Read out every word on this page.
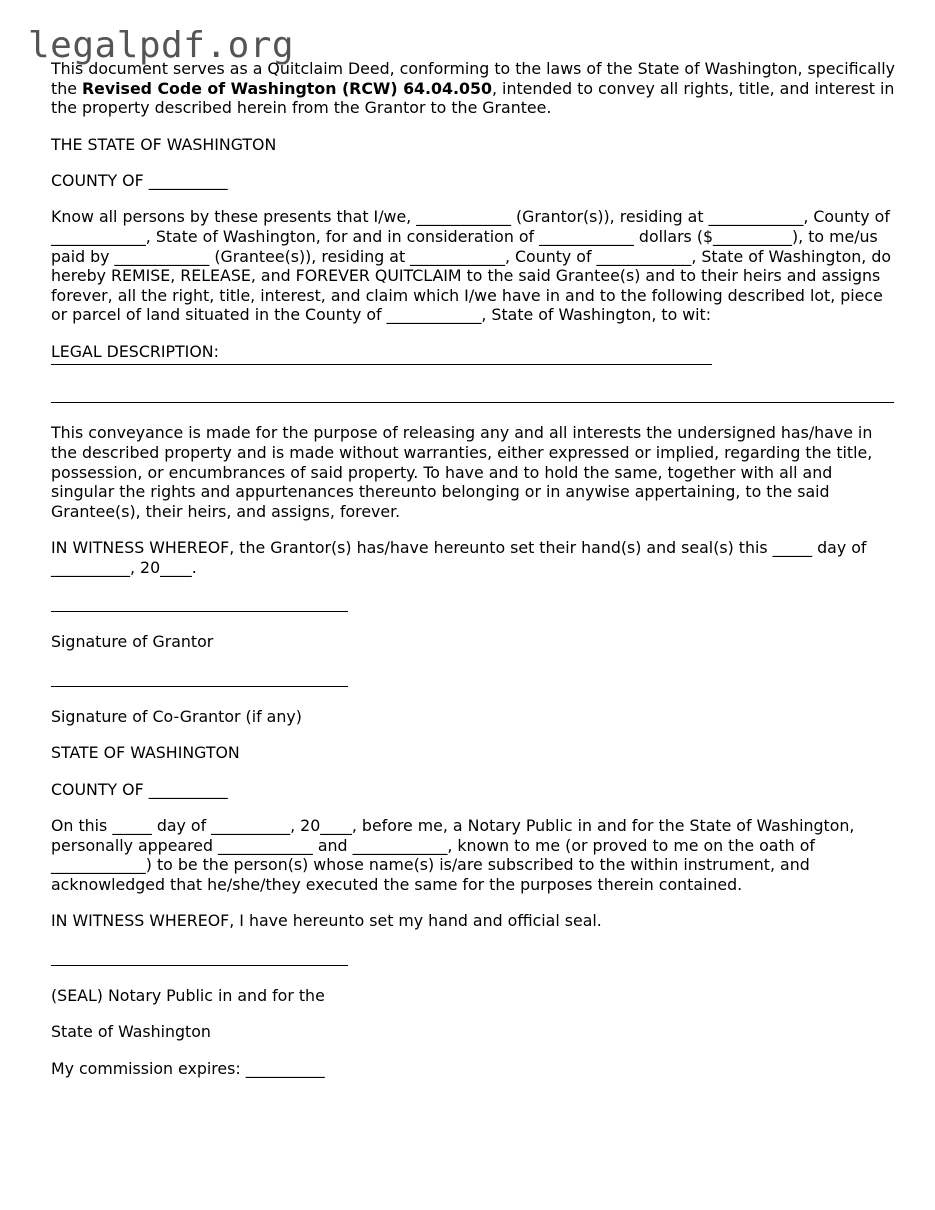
legalpdf.org

This document serves as a Quitclaim Deed, conforming to the laws of the State of Washington, specifically the Revised Code of Washington (RCW) 64.04.050, intended to convey all rights, title, and interest in the property described herein from the Grantor to the Grantee.

THE STATE OF WASHINGTON

COUNTY OF __________

Know all persons by these presents that I/we, ____________ (Grantor(s)), residing at ____________, County of ____________, State of Washington, for and in consideration of ____________ dollars ($__________), to me/us paid by ____________ (Grantee(s)), residing at ____________, County of ____________, State of Washington, do hereby REMISE, RELEASE, and FOREVER QUITCLAIM to the said Grantee(s) and to their heirs and assigns forever, all the right, title, interest, and claim which I/we have in and to the following described lot, piece or parcel of land situated in the County of ____________, State of Washington, to wit:

LEGAL DESCRIPTION:

This conveyance is made for the purpose of releasing any and all interests the undersigned has/have in the described property and is made without warranties, either expressed or implied, regarding the title, possession, or encumbrances of said property. To have and to hold the same, together with all and singular the rights and appurtenances thereunto belonging or in anywise appertaining, to the said Grantee(s), their heirs, and assigns, forever.

IN WITNESS WHEREOF, the Grantor(s) has/have hereunto set their hand(s) and seal(s) this _____ day of __________, 20____.

Signature of Grantor

Signature of Co-Grantor (if any)

STATE OF WASHINGTON

COUNTY OF __________

On this _____ day of __________, 20____, before me, a Notary Public in and for the State of Washington, personally appeared ____________ and ____________, known to me (or proved to me on the oath of ____________) to be the person(s) whose name(s) is/are subscribed to the within instrument, and acknowledged that he/she/they executed the same for the purposes therein contained.

IN WITNESS WHEREOF, I have hereunto set my hand and official seal.

(SEAL) Notary Public in and for the

State of Washington

My commission expires: __________
